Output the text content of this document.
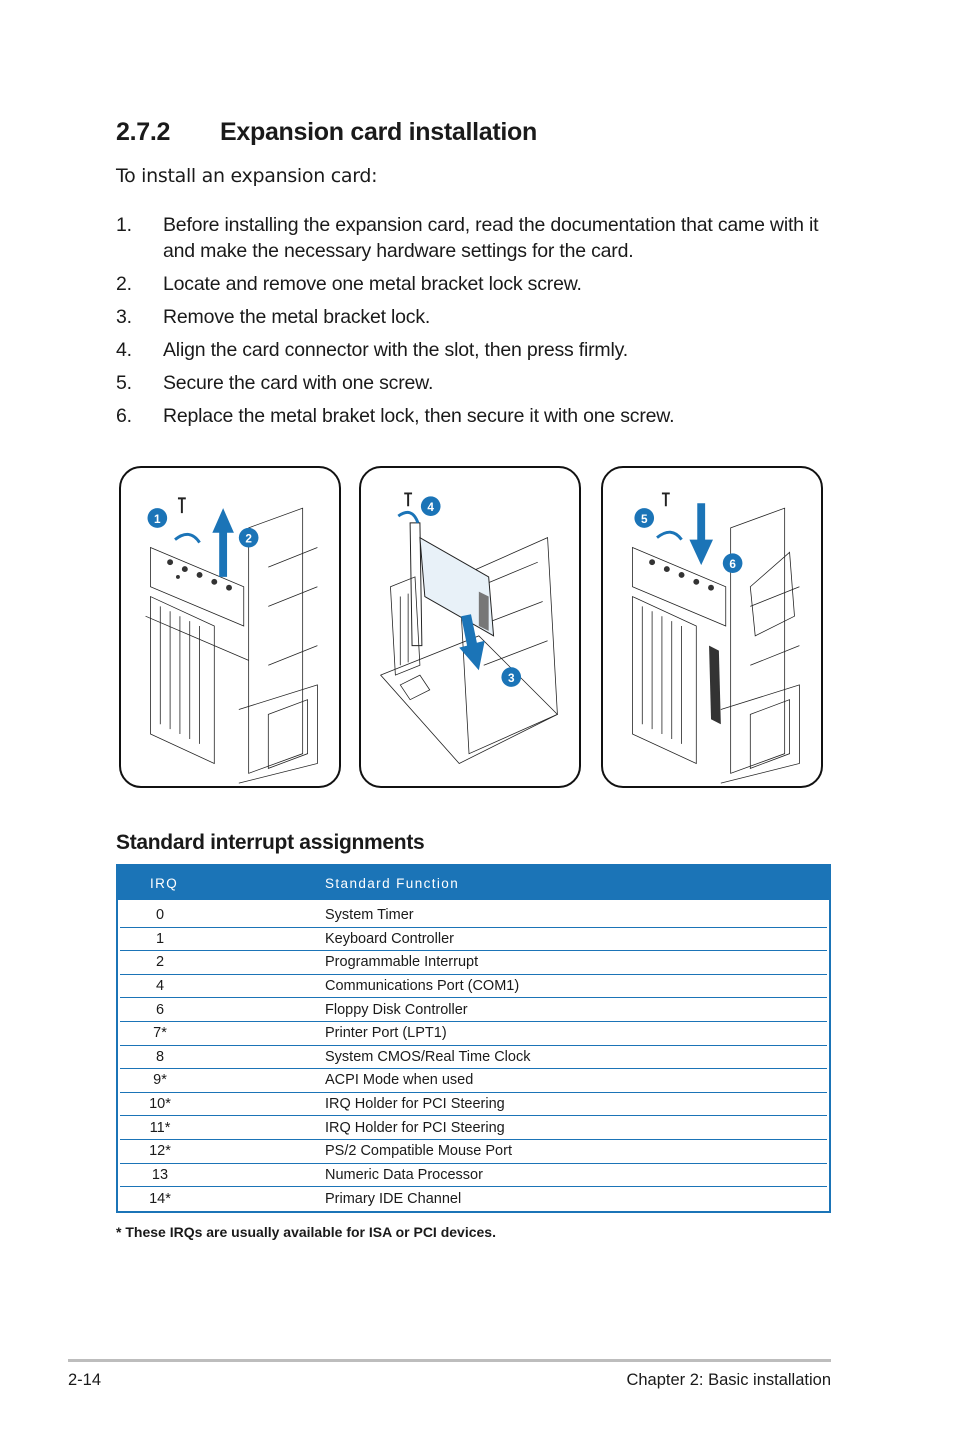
2.7.2 Expansion card installation
To install an expansion card:
1.	Before installing the expansion card, read the documentation that came with it and make the necessary hardware settings for the card.
2.	Locate and remove one metal bracket lock screw.
3.	Remove the metal bracket lock.
4.	Align the card connector with the slot, then press firmly.
5.	Secure the card with one screw.
6.	Replace the metal braket lock, then secure it with one screw.
1
2
4
3
5
6
Standard interrupt assignments
IRQ	Standard Function
0	System Timer
1	Keyboard Controller
2	Programmable Interrupt
4	Communications Port (COM1)
6	Floppy Disk Controller
7*	Printer Port (LPT1)
8	System CMOS/Real Time Clock
9*	ACPI Mode when used
10*	IRQ Holder for PCI Steering
11*	IRQ Holder for PCI Steering
12*	PS/2 Compatible Mouse Port
13	Numeric Data Processor
14*	Primary IDE Channel
* These IRQs are usually available for ISA or PCI devices.
2-14	Chapter 2: Basic installation
